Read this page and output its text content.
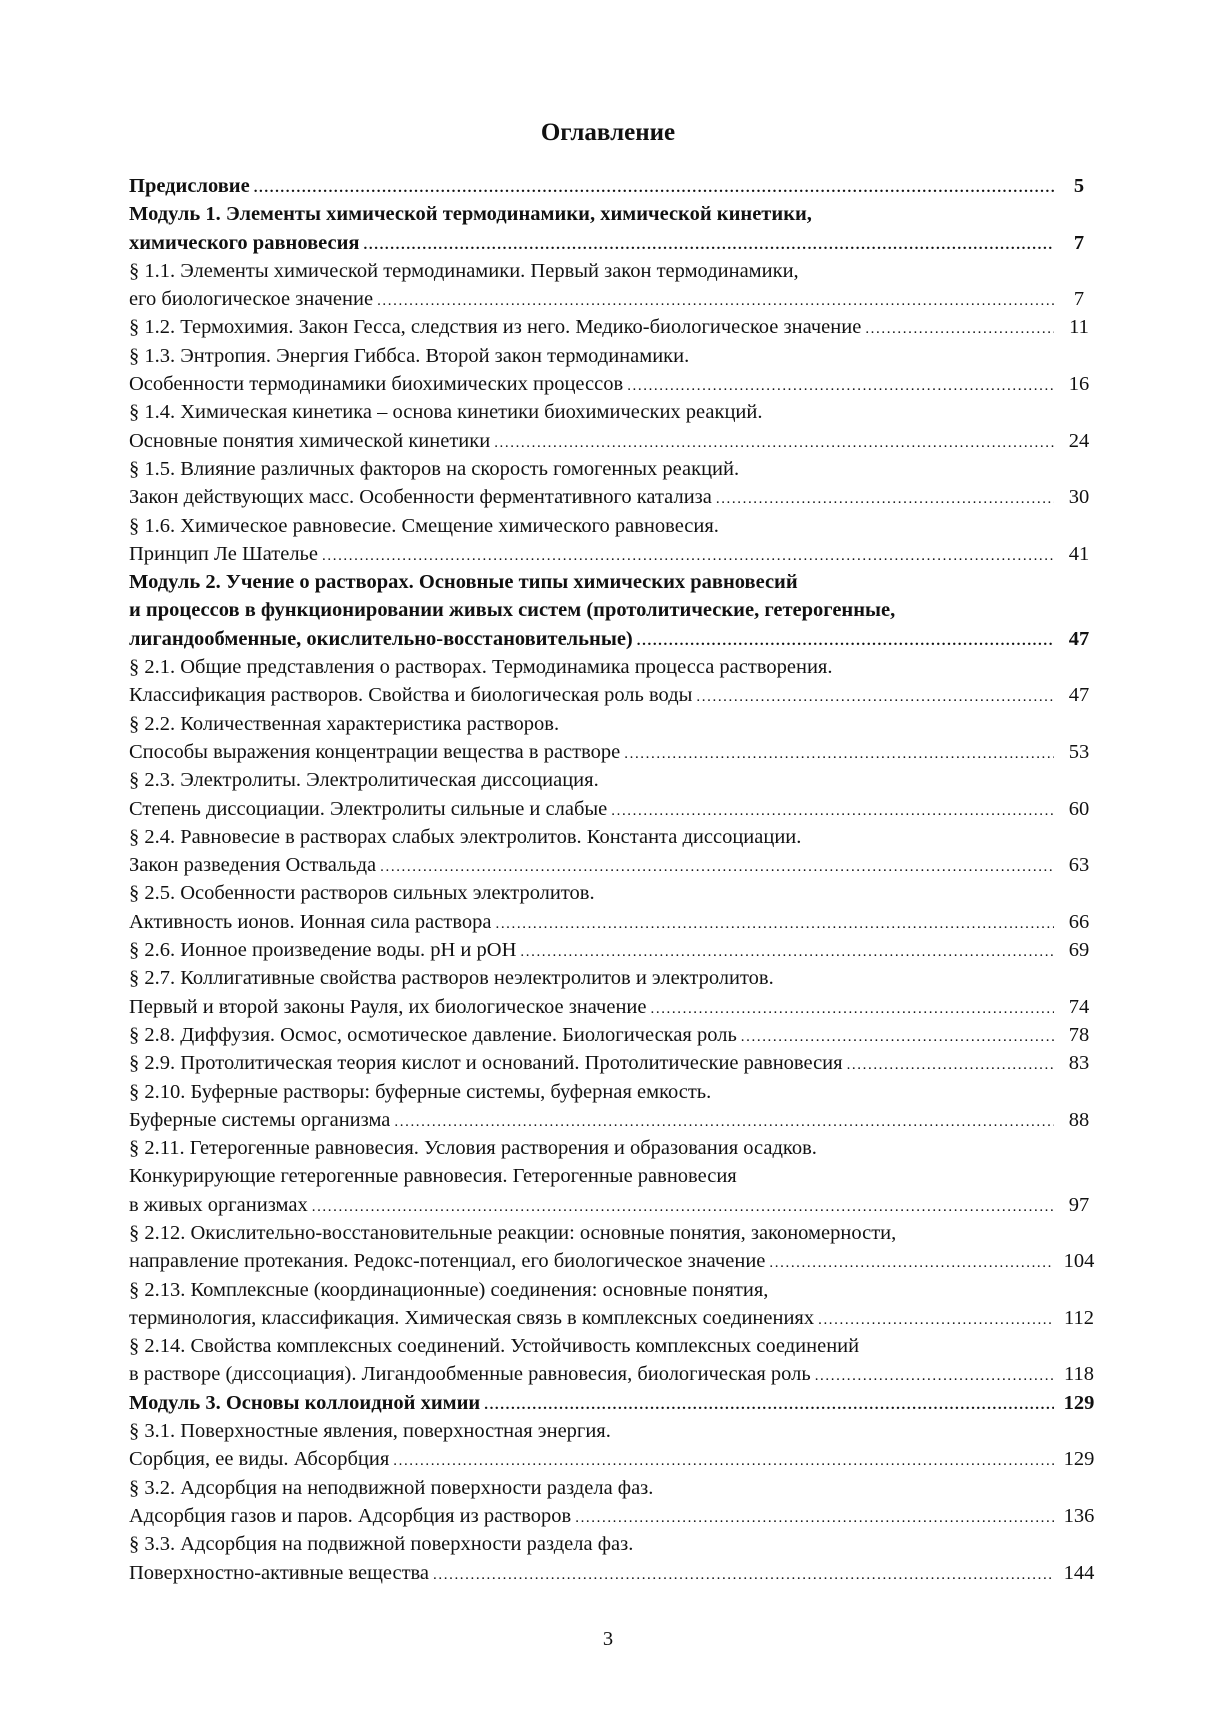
Оглавление
Предисловие .....	5
Модуль 1. Элементы химической термодинамики, химической кинетики,
химического равновесия .....	7
§ 1.1. Элементы химической термодинамики. Первый закон термодинамики,
его биологическое значение .....	7
§ 1.2. Термохимия. Закон Гесса, следствия из него. Медико-биологическое значение .....	11
§ 1.3. Энтропия. Энергия Гиббса. Второй закон термодинамики.
Особенности термодинамики биохимических процессов .....	16
§ 1.4. Химическая кинетика – основа кинетики биохимических реакций.
Основные понятия химической кинетики .....	24
§ 1.5. Влияние различных факторов на скорость гомогенных реакций.
Закон действующих масс. Особенности ферментативного катализа .....	30
§ 1.6. Химическое равновесие. Смещение химического равновесия.
Принцип Ле Шателье .....	41
Модуль 2. Учение о растворах. Основные типы химических равновесий
и процессов в функционировании живых систем (протолитические, гетерогенные,
лигандообменные, окислительно-восстановительные) .....	47
§ 2.1. Общие представления о растворах. Термодинамика процесса растворения.
Классификация растворов. Свойства и биологическая роль воды .....	47
§ 2.2. Количественная характеристика растворов.
Способы выражения концентрации вещества в растворе .....	53
§ 2.3. Электролиты. Электролитическая диссоциация.
Степень диссоциации. Электролиты сильные и слабые .....	60
§ 2.4. Равновесие в растворах слабых электролитов. Константа диссоциации.
Закон разведения Оствальда .....	63
§ 2.5. Особенности растворов сильных электролитов.
Активность ионов. Ионная сила раствора .....	66
§ 2.6. Ионное произведение воды. pH и pOH .....	69
§ 2.7. Коллигативные свойства растворов неэлектролитов и электролитов.
Первый и второй законы Рауля, их биологическое значение .....	74
§ 2.8. Диффузия. Осмос, осмотическое давление. Биологическая роль .....	78
§ 2.9. Протолитическая теория кислот и оснований. Протолитические равновесия .....	83
§ 2.10. Буферные растворы: буферные системы, буферная емкость.
Буферные системы организма .....	88
§ 2.11. Гетерогенные равновесия. Условия растворения и образования осадков.
Конкурирующие гетерогенные равновесия. Гетерогенные равновесия
в живых организмах .....	97
§ 2.12. Окислительно-восстановительные реакции: основные понятия, закономерности,
направление протекания. Редокс-потенциал, его биологическое значение .....	104
§ 2.13. Комплексные (координационные) соединения: основные понятия,
терминология, классификация. Химическая связь в комплексных соединениях .....	112
§ 2.14. Свойства комплексных соединений. Устойчивость комплексных соединений
в растворе (диссоциация). Лигандообменные равновесия, биологическая роль .....	118
Модуль 3. Основы коллоидной химии .....	129
§ 3.1. Поверхностные явления, поверхностная энергия.
Сорбция, ее виды. Абсорбция .....	129
§ 3.2. Адсорбция на неподвижной поверхности раздела фаз.
Адсорбция газов и паров. Адсорбция из растворов .....	136
§ 3.3. Адсорбция на подвижной поверхности раздела фаз.
Поверхностно-активные вещества .....	144
3
